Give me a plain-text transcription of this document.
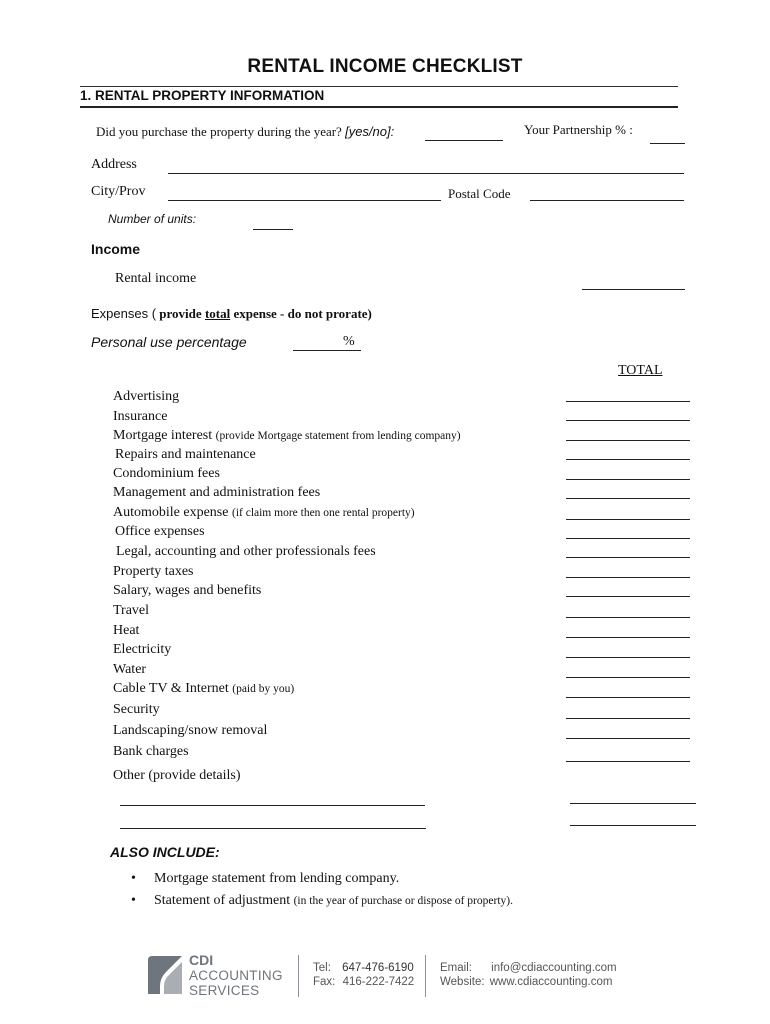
RENTAL INCOME CHECKLIST
1. RENTAL PROPERTY INFORMATION
Did you purchase the property during the year? [yes/no]:	Your Partnership % :
Address
City/Prov	Postal Code
Number of units:
Income
Rental income
Expenses ( provide total expense - do not prorate)
Personal use percentage	%
TOTAL
Advertising
Insurance
Mortgage interest (provide Mortgage statement from lending company)
Repairs and maintenance
Condominium fees
Management and administration fees
Automobile expense (if claim more then one rental property)
Office expenses
Legal, accounting and other professionals fees
Property taxes
Salary, wages and benefits
Travel
Heat
Electricity
Water
Cable TV & Internet (paid by you)
Security
Landscaping/snow removal
Bank charges
Other (provide details)
ALSO INCLUDE:
• Mortgage statement from lending company.
• Statement of adjustment (in the year of purchase or dispose of property).
CDI
ACCOUNTING
SERVICES
Tel: 647-476-6190
Fax: 416-222-7422
Email: info@cdiaccounting.com
Website: www.cdiaccounting.com
